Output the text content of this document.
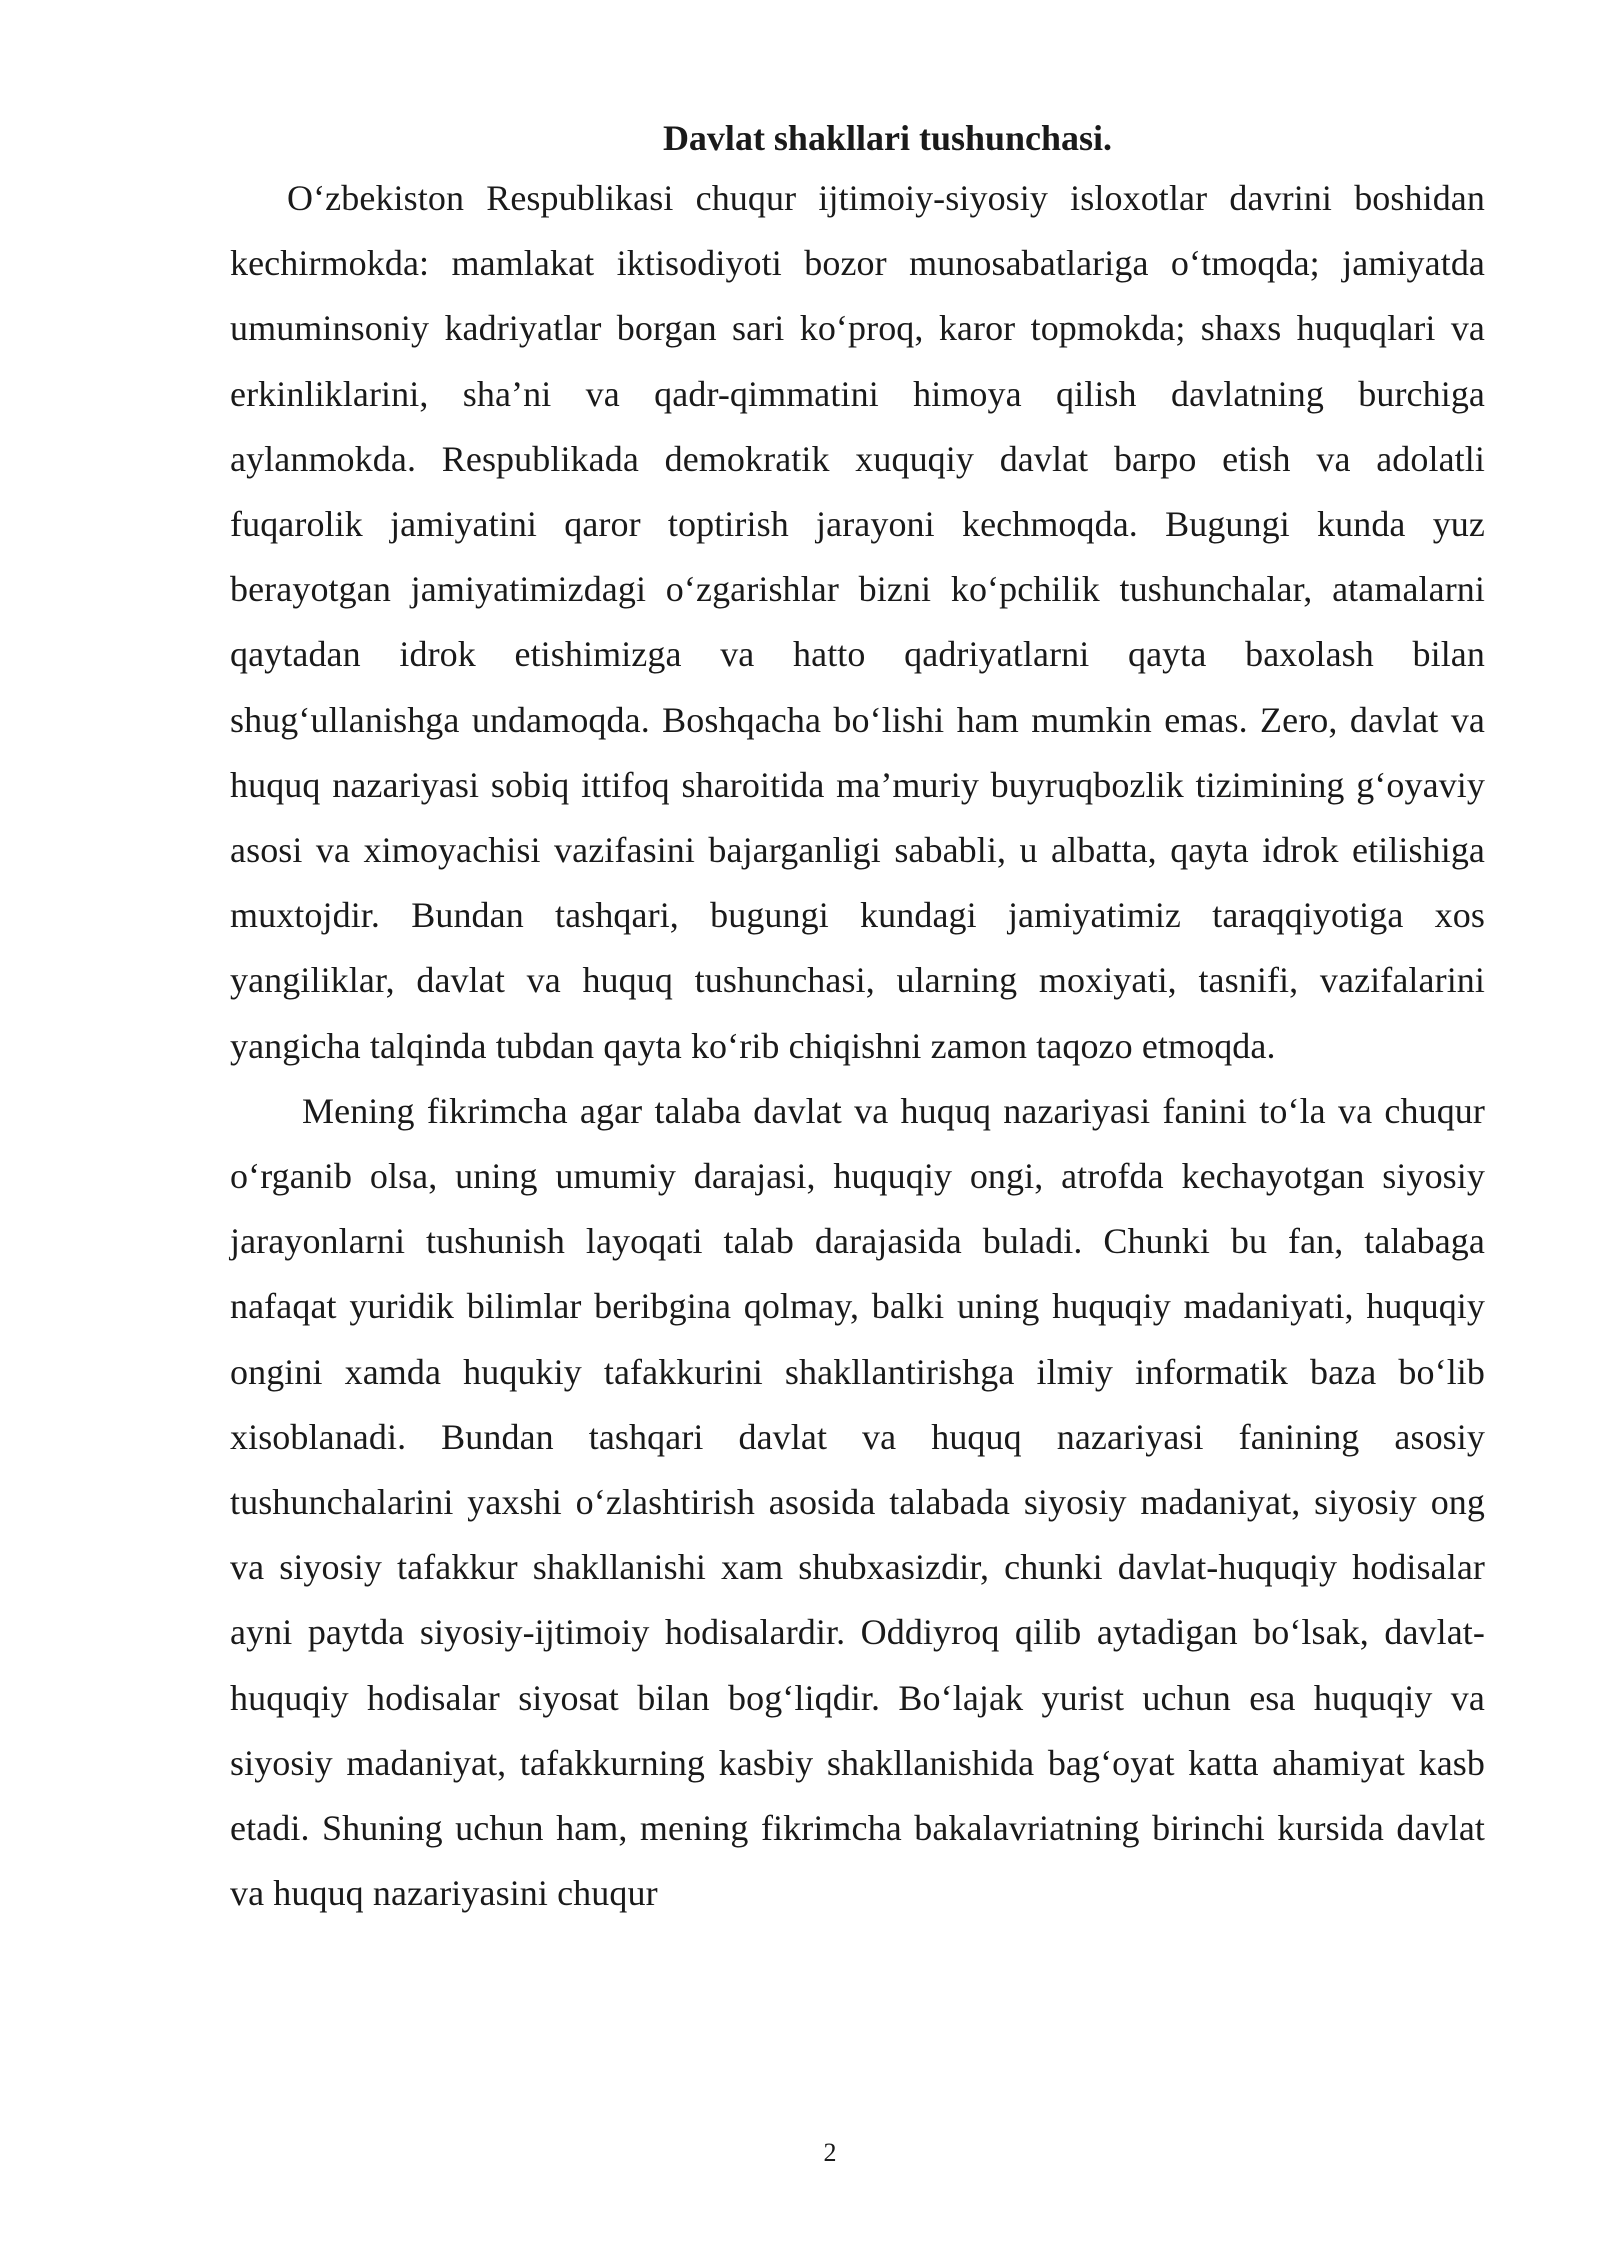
Davlat shakllari tushunchasi.

O‘zbekiston Respublikasi chuqur ijtimoiy-siyosiy isloxotlar davrini boshidan kechirmokda: mamlakat iktisodiyoti bozor munosabatlariga o‘tmoqda; jamiyatda umuminsoniy kadriyatlar borgan sari ko‘proq, karor topmokda; shaxs huquqlari va erkinliklarini, sha’ni va qadr-qimmatini himoya qilish davlatning burchiga aylanmokda. Respublikada demokratik xuquqiy davlat barpo etish va adolatli fuqarolik jamiyatini qaror toptirish jarayoni kechmoqda. Bugungi kunda yuz berayotgan jamiyatimizdagi o‘zgarishlar bizni ko‘pchilik tushunchalar, atamalarni qaytadan idrok etishimizga va hatto qadriyatlarni qayta baxolash bilan shug‘ullanishga undamoqda. Boshqacha bo‘lishi ham mumkin emas. Zero, davlat va huquq nazariyasi sobiq ittifoq sharoitida ma’muriy buyruqbozlik tizimining g‘oyaviy asosi va ximoyachisi vazifasini bajarganligi sababli, u albatta, qayta idrok etilishiga muxtojdir. Bundan tashqari, bugungi kundagi jamiyatimiz taraqqiyotiga xos yangiliklar, davlat va huquq tushunchasi, ularning moxiyati, tasnifi, vazifalarini yangicha talqinda tubdan qayta ko‘rib chiqishni zamon taqozo etmoqda.

Mening fikrimcha agar talaba davlat va huquq nazariyasi fanini to‘la va chuqur o‘rganib olsa, uning umumiy darajasi, huquqiy ongi, atrofda kechayotgan siyosiy jarayonlarni tushunish layoqati talab darajasida buladi. Chunki bu fan, talabaga nafaqat yuridik bilimlar beribgina qolmay, balki uning huquqiy madaniyati, huquqiy ongini xamda huqukiy tafakkurini shakllantirishga ilmiy informatik baza bo‘lib xisoblanadi. Bundan tashqari davlat va huquq nazariyasi fanining asosiy tushunchalarini yaxshi o‘zlashtirish asosida talabada siyosiy madaniyat, siyosiy ong va siyosiy tafakkur shakllanishi xam shubxasizdir, chunki davlat-huquqiy hodisalar ayni paytda siyosiy-ijtimoiy hodisalardir. Oddiyroq qilib aytadigan bo‘lsak, davlat-huquqiy hodisalar siyosat bilan bog‘liqdir. Bo‘lajak yurist uchun esa huquqiy va siyosiy madaniyat, tafakkurning kasbiy shakllanishida bag‘oyat katta ahamiyat kasb etadi. Shuning uchun ham, mening fikrimcha bakalavriatning birinchi kursida davlat va huquq nazariyasini chuqur

2
